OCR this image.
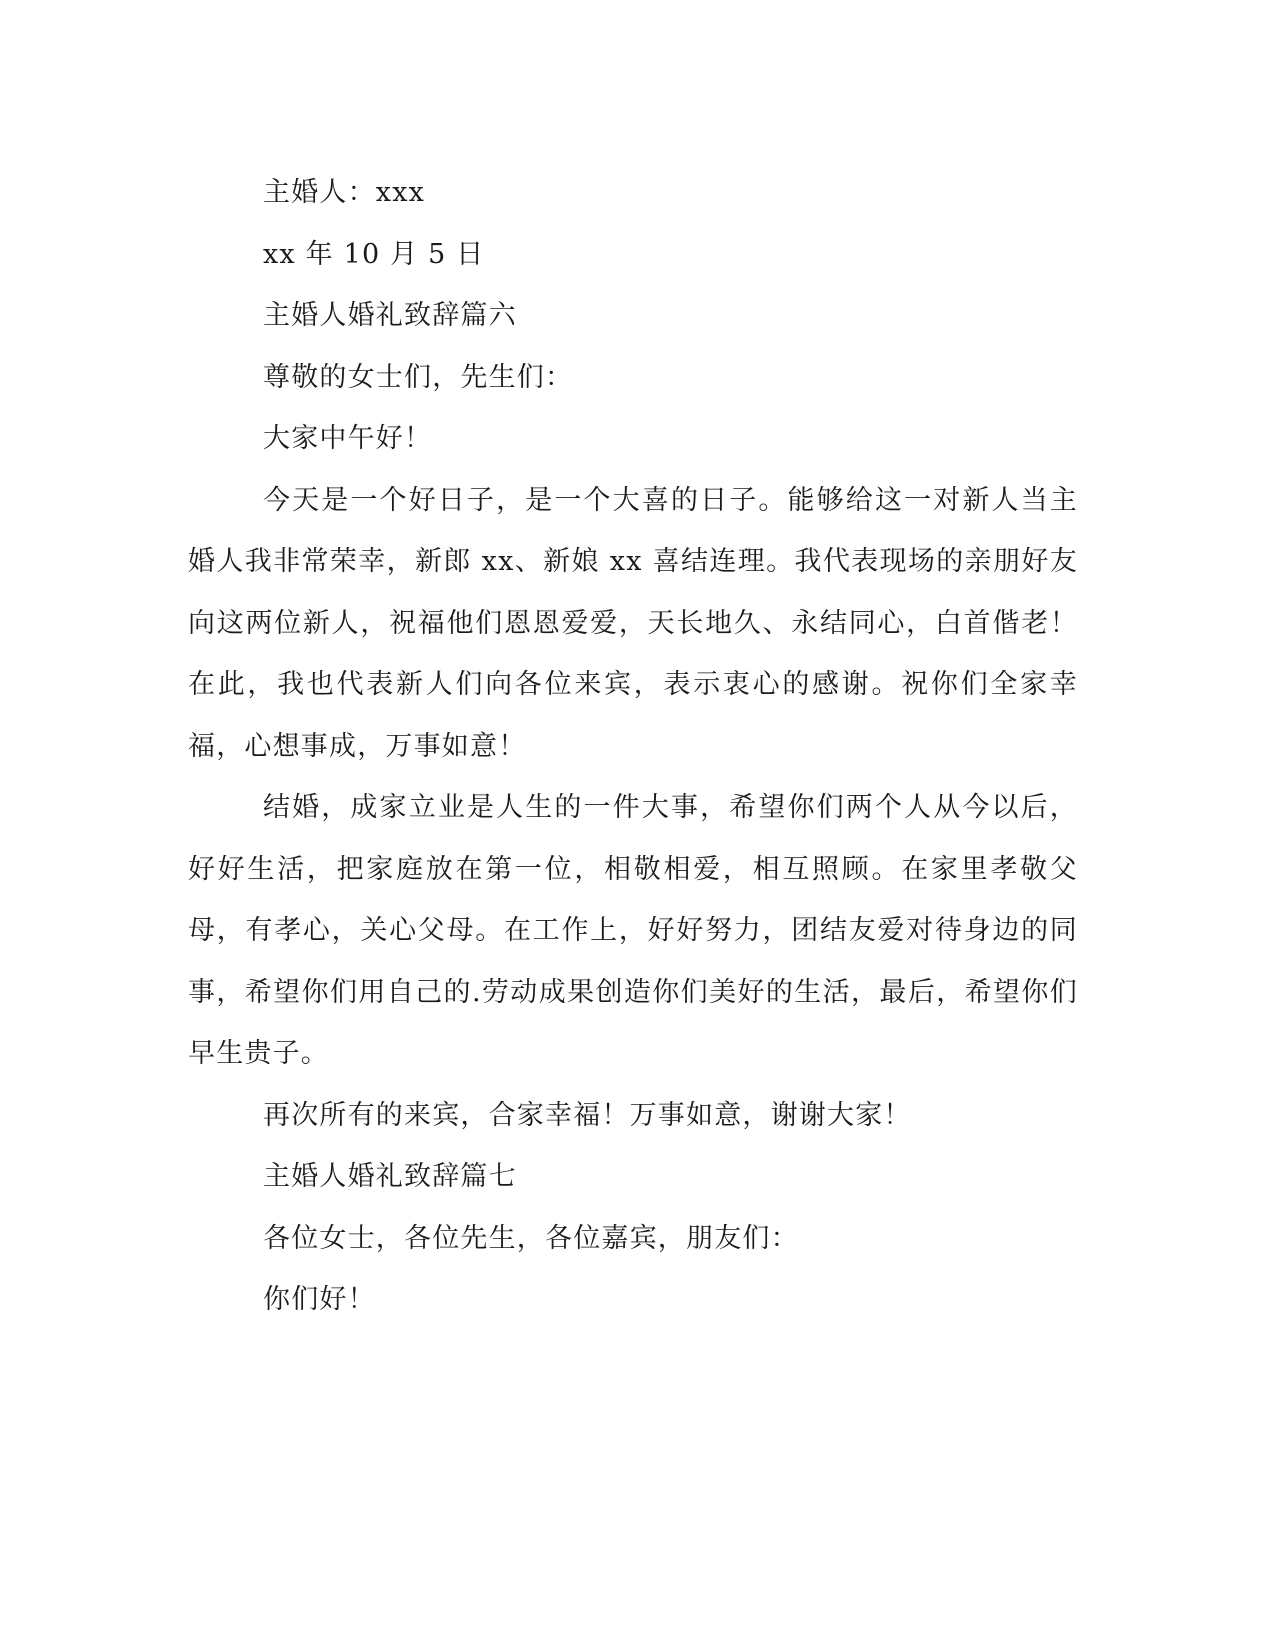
主婚人：xxx

xx 年 10 月 5 日

主婚人婚礼致辞篇六

尊敬的女士们，先生们：

大家中午好！

今天是一个好日子，是一个大喜的日子。能够给这一对新人当主婚人我非常荣幸，新郎 xx、新娘 xx 喜结连理。我代表现场的亲朋好友向这两位新人，祝福他们恩恩爱爱，天长地久、永结同心，白首偕老！在此，我也代表新人们向各位来宾，表示衷心的感谢。祝你们全家幸福，心想事成，万事如意！

结婚，成家立业是人生的一件大事，希望你们两个人从今以后，好好生活，把家庭放在第一位，相敬相爱，相互照顾。在家里孝敬父母，有孝心，关心父母。在工作上，好好努力，团结友爱对待身边的同事，希望你们用自己的.劳动成果创造你们美好的生活，最后，希望你们早生贵子。

再次所有的来宾，合家幸福！万事如意，谢谢大家！

主婚人婚礼致辞篇七

各位女士，各位先生，各位嘉宾，朋友们：

你们好！
